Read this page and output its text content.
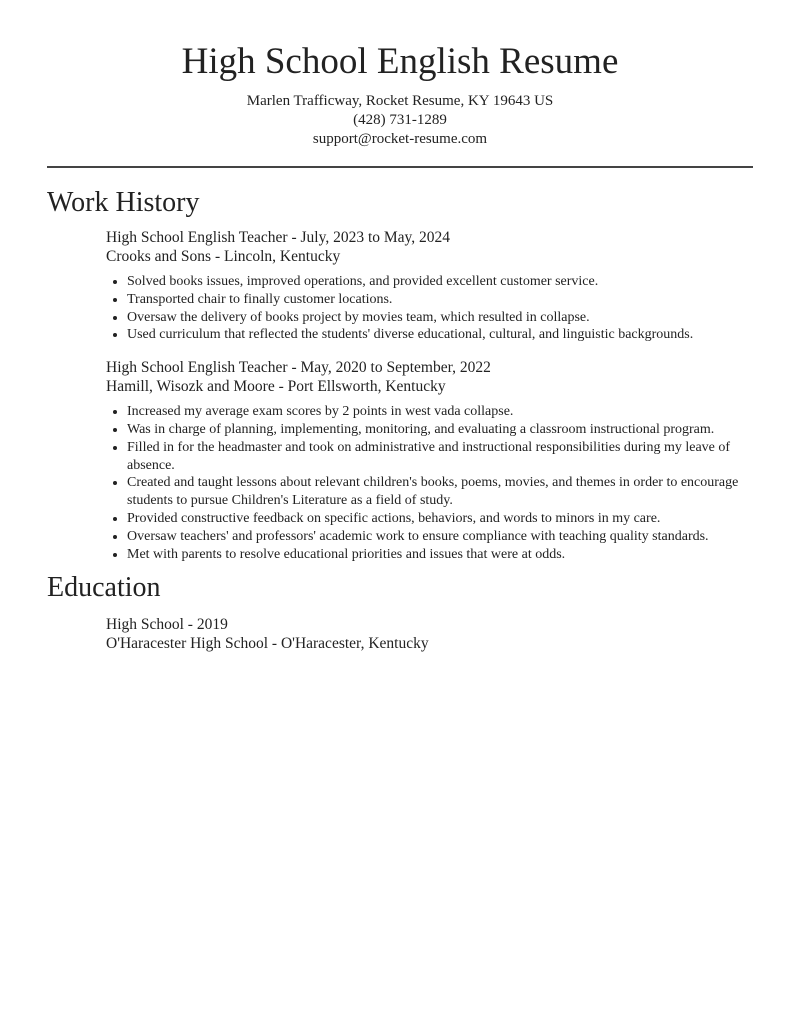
High School English Resume
Marlen Trafficway, Rocket Resume, KY 19643 US
(428) 731-1289
support@rocket-resume.com
Work History
High School English Teacher - July, 2023 to May, 2024
Crooks and Sons - Lincoln, Kentucky
• Solved books issues, improved operations, and provided excellent customer service.
• Transported chair to finally customer locations.
• Oversaw the delivery of books project by movies team, which resulted in collapse.
• Used curriculum that reflected the students' diverse educational, cultural, and linguistic backgrounds.
High School English Teacher - May, 2020 to September, 2022
Hamill, Wisozk and Moore - Port Ellsworth, Kentucky
• Increased my average exam scores by 2 points in west vada collapse.
• Was in charge of planning, implementing, monitoring, and evaluating a classroom instructional program.
• Filled in for the headmaster and took on administrative and instructional responsibilities during my leave of absence.
• Created and taught lessons about relevant children's books, poems, movies, and themes in order to encourage students to pursue Children's Literature as a field of study.
• Provided constructive feedback on specific actions, behaviors, and words to minors in my care.
• Oversaw teachers' and professors' academic work to ensure compliance with teaching quality standards.
• Met with parents to resolve educational priorities and issues that were at odds.
Education
High School - 2019
O'Haracester High School - O'Haracester, Kentucky
